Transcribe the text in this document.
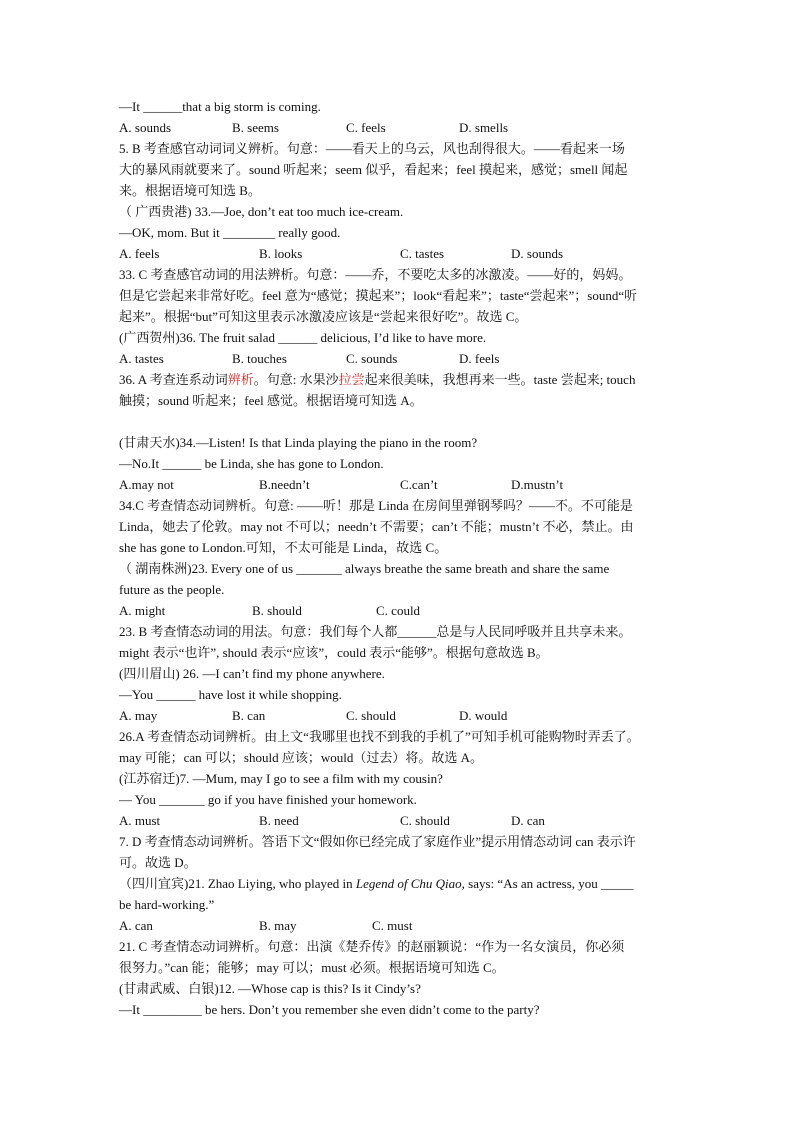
—It ______that a big storm is coming.
A. sounds	B. seems	C. feels	D. smells
5. B 考查感官动词词义辨析。句意：——看天上的乌云，风也刮得很大。——看起来一场
大的暴风雨就要来了。sound 听起来；seem 似乎，看起来；feel 摸起来，感觉；smell 闻起
来。根据语境可知选 B。
（ 广西贵港) 33.—Joe, don’t eat too much ice-cream.
—OK, mom. But it ________ really good.
A. feels	B. looks	C. tastes	D. sounds
33. C 考查感官动词的用法辨析。句意：——乔，不要吃太多的冰激凌。——好的，妈妈。
但是它尝起来非常好吃。feel 意为“感觉；摸起来”；look“看起来”；taste“尝起来”；sound“听
起来”。根据“but”可知这里表示冰激凌应该是“尝起来很好吃”。故选 C。
(广西贺州)36. The fruit salad ______ delicious, I’d like to have more.
A. tastes	B. touches	C. sounds	D. feels
36. A 考查连系动词辨析。句意: 水果沙拉尝起来很美味，我想再来一些。taste 尝起来; touch
触摸；sound 听起来；feel 感觉。根据语境可知选 A。
(甘肃天水)34.—Listen! Is that Linda playing the piano in the room?
—No.It ______ be Linda, she has gone to London.
A.may not	B.needn’t	C.can’t	D.mustn’t
34.C 考查情态动词辨析。句意: ——听！那是 Linda 在房间里弹钢琴吗？——不。不可能是
Linda，她去了伦敦。may not 不可以；needn’t 不需要；can’t 不能；mustn’t 不必，禁止。由
she has gone to London.可知，不太可能是 Linda，故选 C。
（ 湖南株洲)23. Every one of us _______ always breathe the same breath and share the same
future as the people.
A. might	B. should	C. could
23. B 考查情态动词的用法。句意：我们每个人都______总是与人民同呼吸并且共享未来。
might 表示“也许”, should 表示“应该”，could 表示“能够”。根据句意故选 B。
(四川眉山) 26. —I can’t find my phone anywhere.
—You ______ have lost it while shopping.
A. may	B. can	C. should	D. would
26.A 考查情态动词辨析。由上文“我哪里也找不到我的手机了”可知手机可能购物时弄丢了。
may 可能；can 可以；should 应该；would（过去）将。故选 A。
(江苏宿迁)7. —Mum, may I go to see a film with my cousin?
— You _______ go if you have finished your homework.
A. must	B. need	C. should	D. can
7. D 考查情态动词辨析。答语下文“假如你已经完成了家庭作业”提示用情态动词 can 表示许
可。故选 D。
（四川宜宾)21. Zhao Liying, who played in Legend of Chu Qiao, says: “As an actress, you _____
be hard-working.”
A. can	B. may	C. must
21. C 考查情态动词辨析。句意：出演《楚乔传》的赵丽颖说：“作为一名女演员，你必须
很努力。”can 能；能够；may 可以；must 必须。根据语境可知选 C。
(甘肃武威、白银)12. —Whose cap is this? Is it Cindy’s?
—It _________ be hers. Don’t you remember she even didn’t come to the party?
